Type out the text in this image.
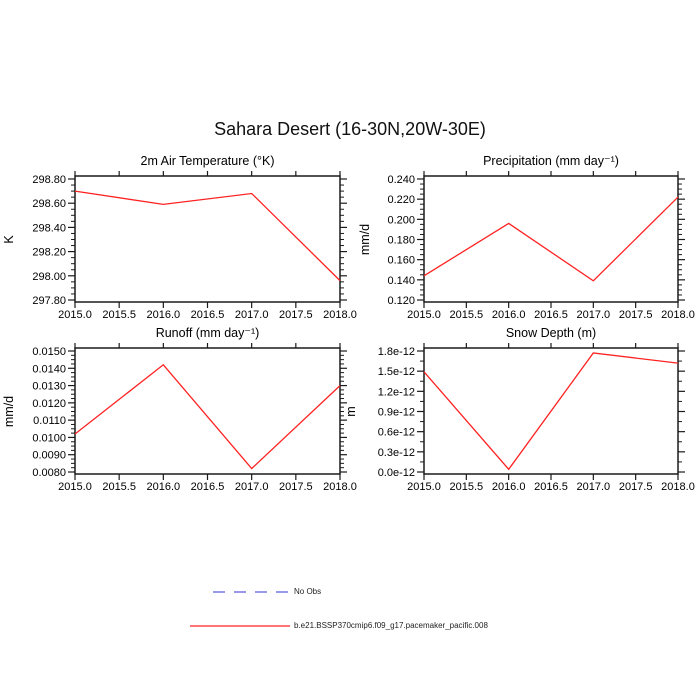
Sahara Desert (16-30N,20W-30E)
2m Air Temperature (°K)
K
298.80
298.60
298.40
298.20
298.00
297.80
2015.0 2015.5 2016.0 2016.5 2017.0 2017.5 2018.0
Precipitation (mm day⁻¹)
mm/d
0.240
0.220
0.200
0.180
0.160
0.140
0.120
2015.0 2015.5 2016.0 2016.5 2017.0 2017.5 2018.0
Runoff (mm day⁻¹)
mm/d
0.0150
0.0140
0.0130
0.0120
0.0110
0.0100
0.0090
0.0080
2015.0 2015.5 2016.0 2016.5 2017.0 2017.5 2018.0
Snow Depth (m)
m
1.8e-12
1.5e-12
1.2e-12
0.9e-12
0.6e-12
0.3e-12
0.0e-12
2015.0 2015.5 2016.0 2016.5 2017.0 2017.5 2018.0
No Obs
b.e21.BSSP370cmip6.f09_g17.pacemaker_pacific.008
